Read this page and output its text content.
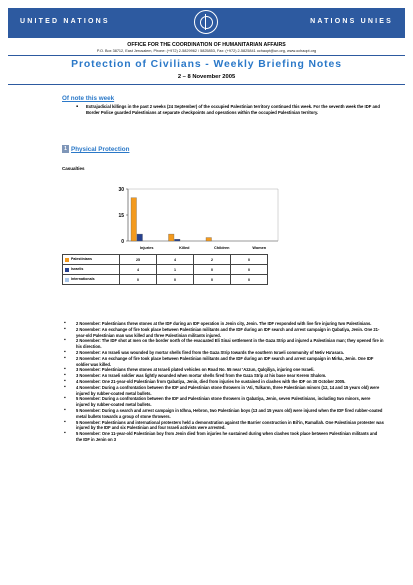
UNITED NATIONS	NATIONS UNIES
OFFICE FOR THE COORDINATION OF HUMANITARIAN AFFAIRS
P.O. Box 38712, East Jerusalem, Phone: (+972) 2-5829962 / 5825853, Fax: (+972) 2-5825841 ochaopt@un.org, www.ochaopt.org
Protection of Civilians - Weekly Briefing Notes
2 – 8 November 2005
Of note this week
▪ Extrajudicial killings in the past 2 weeks (24 September) of the occupied Palestinian territory continued this week. For the seventh week the IDF and Border Police guarded Palestinians at separate checkpoints and operations within the occupied Palestinian territory.
1 Physical Protection
Casualties
0
15
30
Injuries	Killed	Children	Women
Palestinians	25	4	2	0
Israelis	4	1	0	0
Internationals	0	0	0	0
▪ 2 November: Palestinians threw stones at the IDF during an IDF operation in Jenin city, Jenin. The IDF responded with live fire injuring two Palestinians.
▪ 2 November: An exchange of fire took place between Palestinian militants and the IDF during an IDF search and arrest campaign in Qabatiya, Jenin. One 21-year-old Palestinian man was killed and three Palestinian militants injured.
▪ 2 November: The IDF shot at men on the border north of the evacuated Eli Sinai settlement in the Gaza Strip and injured a Palestinian man; they opened fire in his direction.
▪ 2 November: An Israeli was wounded by mortar shells fired from the Gaza Strip towards the southern Israeli community of Netiv Ha'asara.
▪ 2 November: An exchange of fire took place between Palestinian militants and the IDF during an IDF search and arrest campaign in Mirka, Jenin. One IDF soldier was killed.
▪ 3 November: Palestinians threw stones at Israeli plated vehicles on Road No. 55 near 'Azzun, Qalqiliya, injuring one Israeli.
▪ 3 November: An Israeli soldier was lightly wounded when mortar shells fired from the Gaza Strip at his base near Kerem Shalom.
▪ 4 November: One 21-year-old Palestinian from Qabatiya, Jenin, died from injuries he sustained in clashes with the IDF on 30 October 2005.
▪ 4 November: During a confrontation between the IDF and Palestinian stone throwers in 'Ati, Tulkarm, three Palestinian minors (12, 14 and 15 years old) were injured by rubber-coated metal bullets.
▪ 5 November: During a confrontation between the IDF and Palestinian stone throwers in Qabatiya, Jenin, seven Palestinians, including two minors, were injured by rubber-coated metal bullets.
▪ 5 November: During a search and arrest campaign in Idhna, Hebron, two Palestinian boys (13 and 15 years old) were injured when the IDF fired rubber-coated metal bullets towards a group of stone throwers.
▪ 5 November: Palestinians and international protesters held a demonstration against the Barrier construction in Bil'in, Ramallah. One Palestinian protester was injured by the IDF and six Palestinian and four Israeli activists were arrested.
▪ 5 November: One 11-year-old Palestinian boy from Jenin died from injuries he sustained during when clashes took place between Palestinian militants and the IDF in Jenin on 3
